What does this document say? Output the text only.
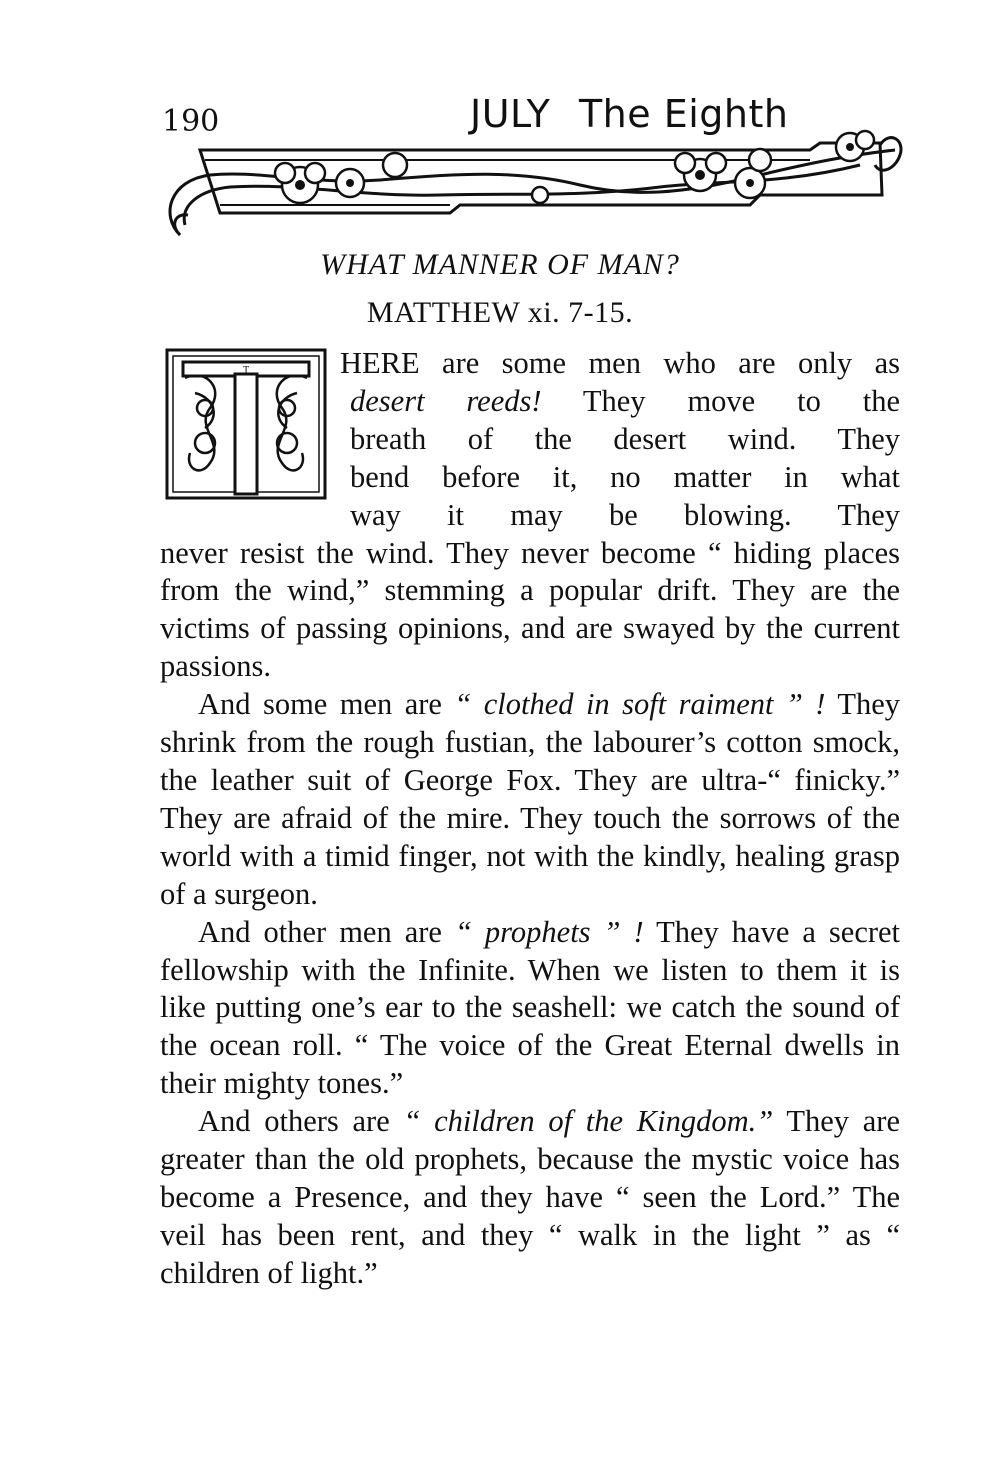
190	JULY The Eighth
WHAT MANNER OF MAN?
MATTHEW xi. 7-15.
T	HERE are some men who are only as
desert reeds! They move to the
breath of the desert wind. They
bend before it, no matter in what
way it may be blowing. They
never resist the wind. They never become “ hiding places from the wind,” stemming a popular drift. They are the victims of passing opinions, and are swayed by the current passions.

And some men are “ clothed in soft raiment ” ! They shrink from the rough fustian, the labourer’s cotton smock, the leather suit of George Fox. They are ultra-“ finicky.” They are afraid of the mire. They touch the sorrows of the world with a timid finger, not with the kindly, healing grasp of a surgeon.

And other men are “ prophets ” ! They have a secret fellowship with the Infinite. When we listen to them it is like putting one’s ear to the seashell: we catch the sound of the ocean roll. “ The voice of the Great Eternal dwells in their mighty tones.”

And others are “ children of the Kingdom.” They are greater than the old prophets, because the mystic voice has become a Presence, and they have “ seen the Lord.” The veil has been rent, and they “ walk in the light ” as “ children of light.”
